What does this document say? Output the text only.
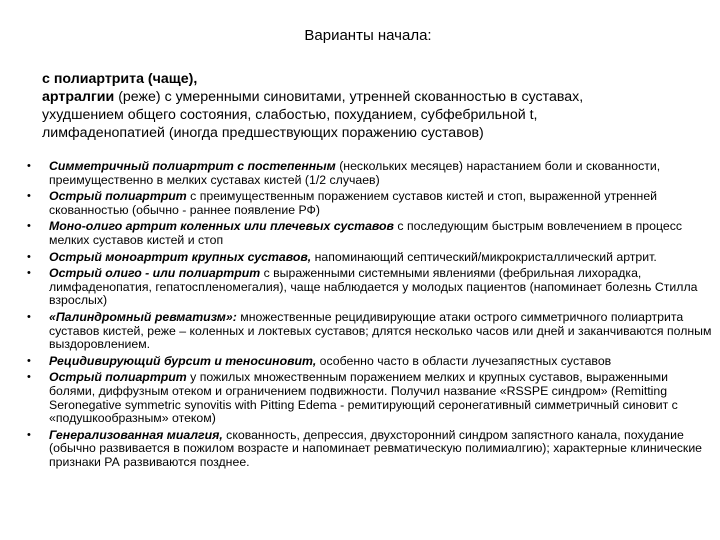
Варианты начала:
с полиартрита (чаще),
артралгии (реже) с умеренными синовитами, утренней скованностью в суставах,
ухудшением общего состояния, слабостью, похуданием, субфебрильной t,
лимфаденопатией (иногда предшествующих поражению суставов)
• Симметричный полиартрит с постепенным (нескольких месяцев) нарастанием боли и скованности, преимущественно в мелких суставах кистей (1/2 случаев)
• Острый полиартрит с преимущественным поражением суставов кистей и стоп, выраженной утренней скованностью (обычно - раннее появление РФ)
• Моно-олиго артрит коленных или плечевых суставов с последующим быстрым вовлечением в процесс мелких суставов кистей и стоп
• Острый моноартрит крупных суставов, напоминающий септический/микрокристаллический артрит.
• Острый олиго - или полиартрит с выраженными системными явлениями (фебрильная лихорадка, лимфаденопатия, гепатоспленомегалия), чаще наблюдается у молодых пациентов (напоминает болезнь Стилла взрослых)
• «Палиндромный ревматизм»: множественные рецидивирующие атаки острого симметричного полиартрита суставов кистей, реже – коленных и локтевых суставов; длятся несколько часов или дней и заканчиваются полным выздоровлением.
• Рецидивирующий бурсит и теносиновит, особенно часто в области лучезапястных суставов
• Острый полиартрит у пожилых множественным поражением мелких и крупных суставов, выраженными болями, диффузным отеком и ограничением подвижности. Получил название «RSSPE синдром» (Remitting Seronegative symmetric synovitis with Pitting Edema - ремитирующий серонегативный симметричный синовит с «подушкообразным» отеком)
• Генерализованная миалгия, скованность, депрессия, двухсторонний синдром запястного канала, похудание (обычно развивается в пожилом возрасте и напоминает ревматическую полимиалгию); характерные клинические признаки РА развиваются позднее.
